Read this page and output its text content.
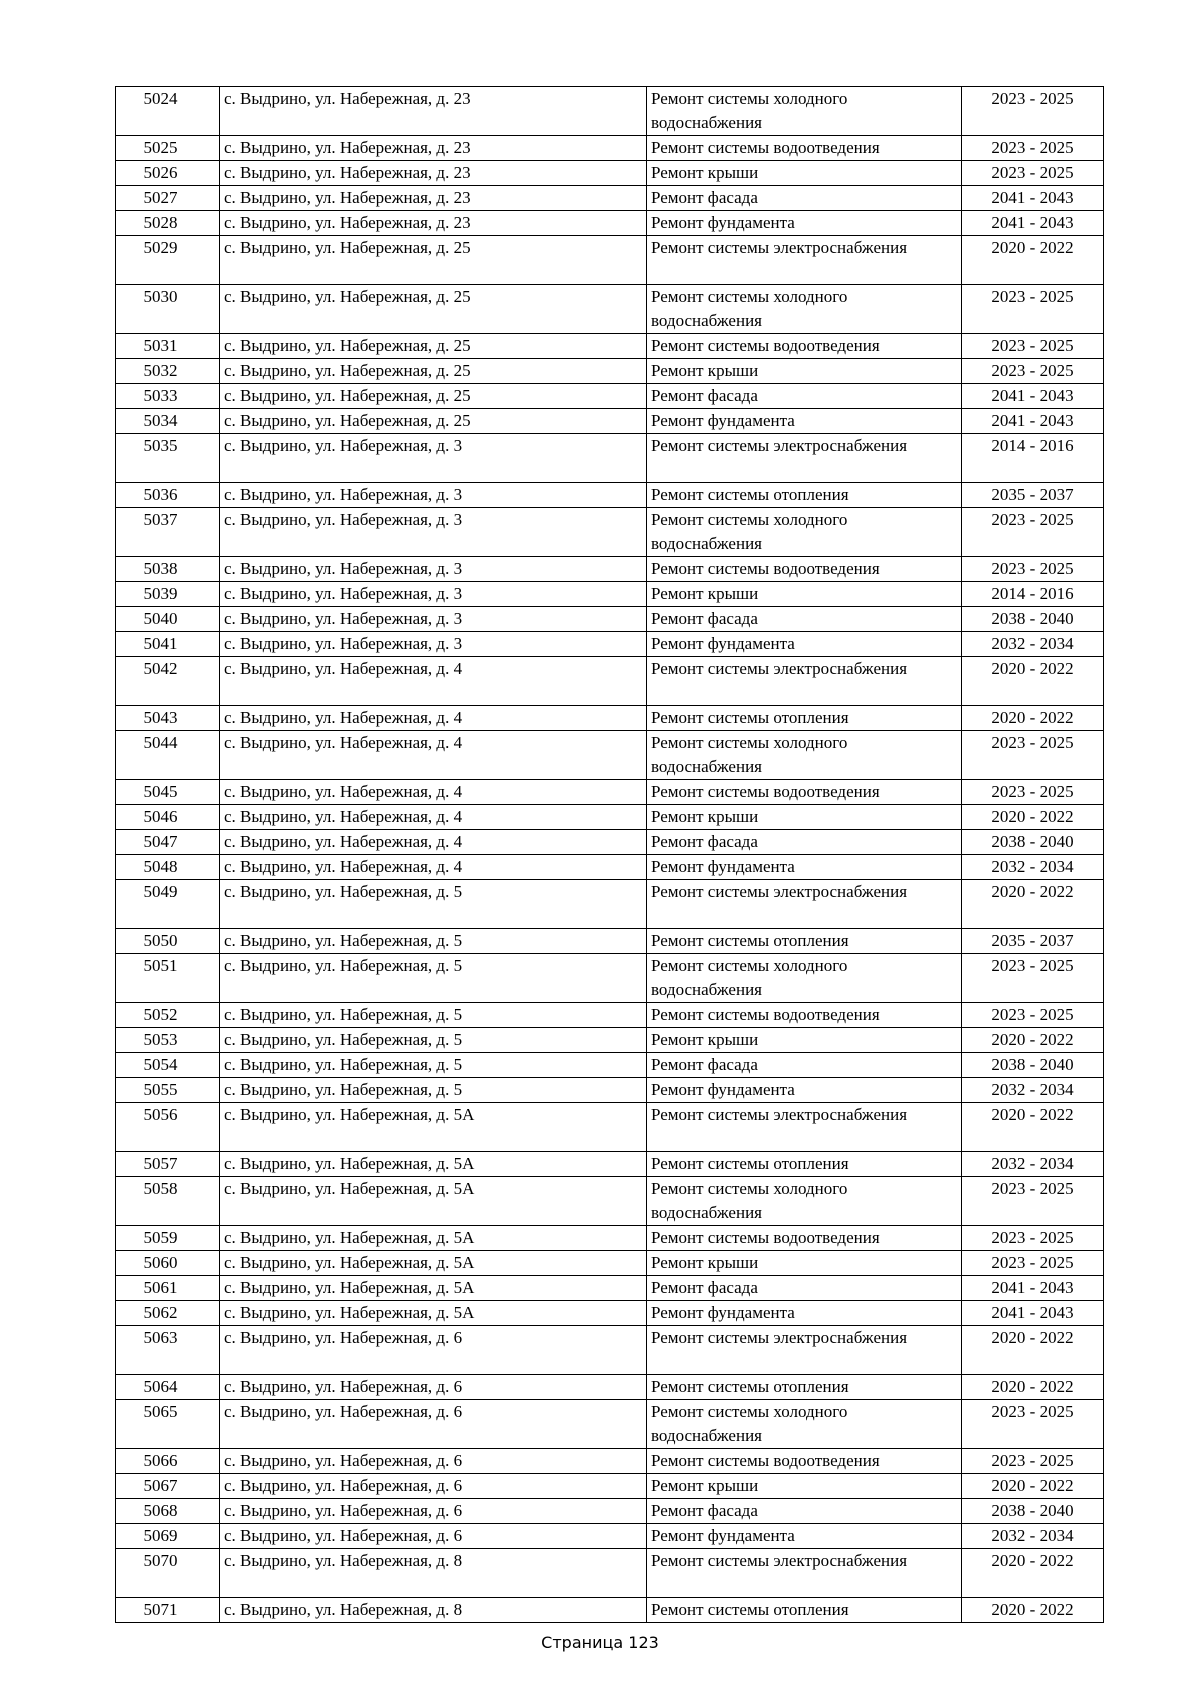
5024	с. Выдрино, ул. Набережная, д. 23	Ремонт системы холодного водоснабжения	2023 - 2025
5025	с. Выдрино, ул. Набережная, д. 23	Ремонт системы водоотведения	2023 - 2025
5026	с. Выдрино, ул. Набережная, д. 23	Ремонт крыши	2023 - 2025
5027	с. Выдрино, ул. Набережная, д. 23	Ремонт фасада	2041 - 2043
5028	с. Выдрино, ул. Набережная, д. 23	Ремонт фундамента	2041 - 2043
5029	с. Выдрино, ул. Набережная, д. 25	Ремонт системы электроснабжения	2020 - 2022
5030	с. Выдрино, ул. Набережная, д. 25	Ремонт системы холодного водоснабжения	2023 - 2025
5031	с. Выдрино, ул. Набережная, д. 25	Ремонт системы водоотведения	2023 - 2025
5032	с. Выдрино, ул. Набережная, д. 25	Ремонт крыши	2023 - 2025
5033	с. Выдрино, ул. Набережная, д. 25	Ремонт фасада	2041 - 2043
5034	с. Выдрино, ул. Набережная, д. 25	Ремонт фундамента	2041 - 2043
5035	с. Выдрино, ул. Набережная, д. 3	Ремонт системы электроснабжения	2014 - 2016
5036	с. Выдрино, ул. Набережная, д. 3	Ремонт системы отопления	2035 - 2037
5037	с. Выдрино, ул. Набережная, д. 3	Ремонт системы холодного водоснабжения	2023 - 2025
5038	с. Выдрино, ул. Набережная, д. 3	Ремонт системы водоотведения	2023 - 2025
5039	с. Выдрино, ул. Набережная, д. 3	Ремонт крыши	2014 - 2016
5040	с. Выдрино, ул. Набережная, д. 3	Ремонт фасада	2038 - 2040
5041	с. Выдрино, ул. Набережная, д. 3	Ремонт фундамента	2032 - 2034
5042	с. Выдрино, ул. Набережная, д. 4	Ремонт системы электроснабжения	2020 - 2022
5043	с. Выдрино, ул. Набережная, д. 4	Ремонт системы отопления	2020 - 2022
5044	с. Выдрино, ул. Набережная, д. 4	Ремонт системы холодного водоснабжения	2023 - 2025
5045	с. Выдрино, ул. Набережная, д. 4	Ремонт системы водоотведения	2023 - 2025
5046	с. Выдрино, ул. Набережная, д. 4	Ремонт крыши	2020 - 2022
5047	с. Выдрино, ул. Набережная, д. 4	Ремонт фасада	2038 - 2040
5048	с. Выдрино, ул. Набережная, д. 4	Ремонт фундамента	2032 - 2034
5049	с. Выдрино, ул. Набережная, д. 5	Ремонт системы электроснабжения	2020 - 2022
5050	с. Выдрино, ул. Набережная, д. 5	Ремонт системы отопления	2035 - 2037
5051	с. Выдрино, ул. Набережная, д. 5	Ремонт системы холодного водоснабжения	2023 - 2025
5052	с. Выдрино, ул. Набережная, д. 5	Ремонт системы водоотведения	2023 - 2025
5053	с. Выдрино, ул. Набережная, д. 5	Ремонт крыши	2020 - 2022
5054	с. Выдрино, ул. Набережная, д. 5	Ремонт фасада	2038 - 2040
5055	с. Выдрино, ул. Набережная, д. 5	Ремонт фундамента	2032 - 2034
5056	с. Выдрино, ул. Набережная, д. 5А	Ремонт системы электроснабжения	2020 - 2022
5057	с. Выдрино, ул. Набережная, д. 5А	Ремонт системы отопления	2032 - 2034
5058	с. Выдрино, ул. Набережная, д. 5А	Ремонт системы холодного водоснабжения	2023 - 2025
5059	с. Выдрино, ул. Набережная, д. 5А	Ремонт системы водоотведения	2023 - 2025
5060	с. Выдрино, ул. Набережная, д. 5А	Ремонт крыши	2023 - 2025
5061	с. Выдрино, ул. Набережная, д. 5А	Ремонт фасада	2041 - 2043
5062	с. Выдрино, ул. Набережная, д. 5А	Ремонт фундамента	2041 - 2043
5063	с. Выдрино, ул. Набережная, д. 6	Ремонт системы электроснабжения	2020 - 2022
5064	с. Выдрино, ул. Набережная, д. 6	Ремонт системы отопления	2020 - 2022
5065	с. Выдрино, ул. Набережная, д. 6	Ремонт системы холодного водоснабжения	2023 - 2025
5066	с. Выдрино, ул. Набережная, д. 6	Ремонт системы водоотведения	2023 - 2025
5067	с. Выдрино, ул. Набережная, д. 6	Ремонт крыши	2020 - 2022
5068	с. Выдрино, ул. Набережная, д. 6	Ремонт фасада	2038 - 2040
5069	с. Выдрино, ул. Набережная, д. 6	Ремонт фундамента	2032 - 2034
5070	с. Выдрино, ул. Набережная, д. 8	Ремонт системы электроснабжения	2020 - 2022
5071	с. Выдрино, ул. Набережная, д. 8	Ремонт системы отопления	2020 - 2022
Страница 123
